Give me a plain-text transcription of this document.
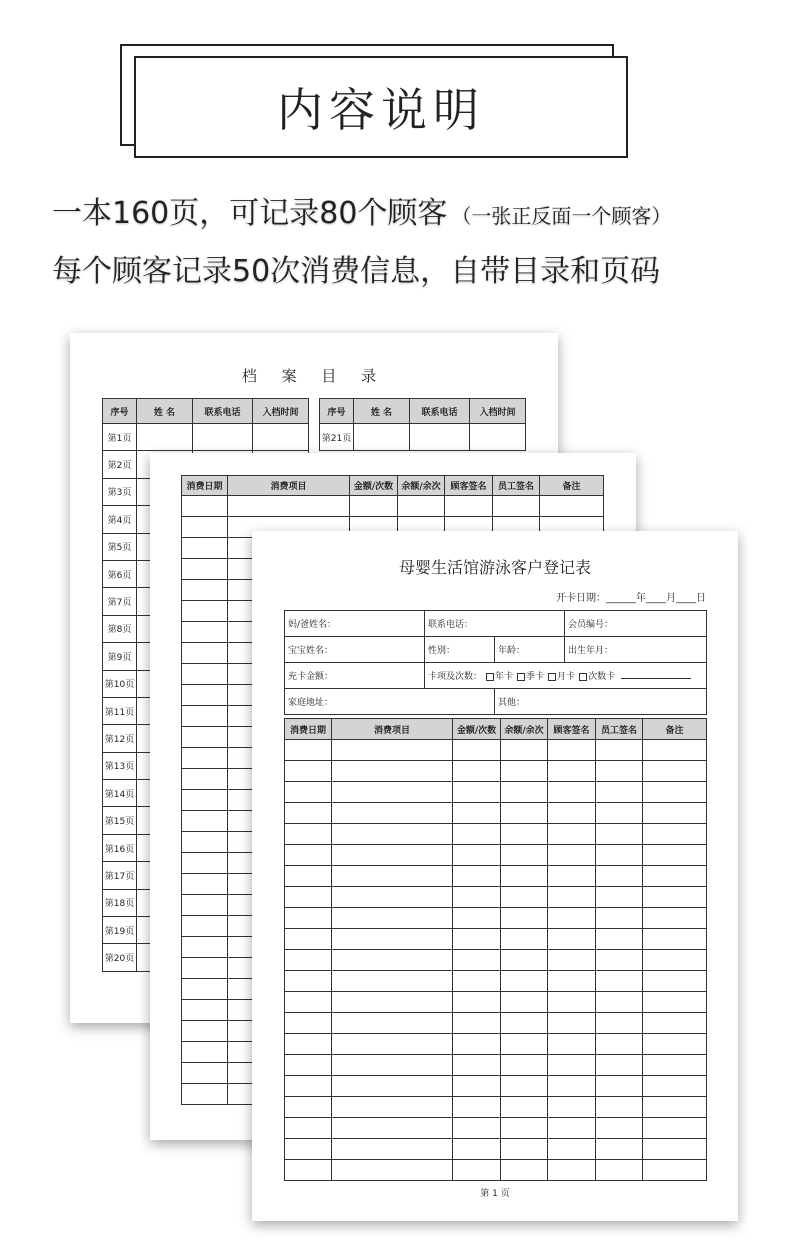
内容说明
一本160页，可记录80个顾客 （一张正反面一个顾客）
每个顾客记录50次消费信息，自带目录和页码
档 案 目 录
序号	姓 名	联系电话	入档时间
第1页			
第2页			
第3页			
第4页			
第5页			
第6页			
第7页			
第8页			
第9页			
第10页			
第11页			
第12页			
第13页			
第14页			
第15页			
第16页			
第17页			
第18页			
第19页			
第20页			
序号	姓 名	联系电话	入档时间
第21页			
消费日期	消费项目	金额/次数	余额/余次	顾客签名	员工签名	备注

母婴生活馆游泳客户登记表
开卡日期：______年____月____日
妈/爸姓名：	联系电话：		会员编号：
宝宝姓名：	性别：	年龄：	出生年月：
充卡金额：	卡项及次数： 年卡 季卡 月卡 次数卡		
家庭地址：		其他：	
消费日期	消费项目	金额/次数	余额/余次	顾客签名	员工签名	备注

第 1 页
